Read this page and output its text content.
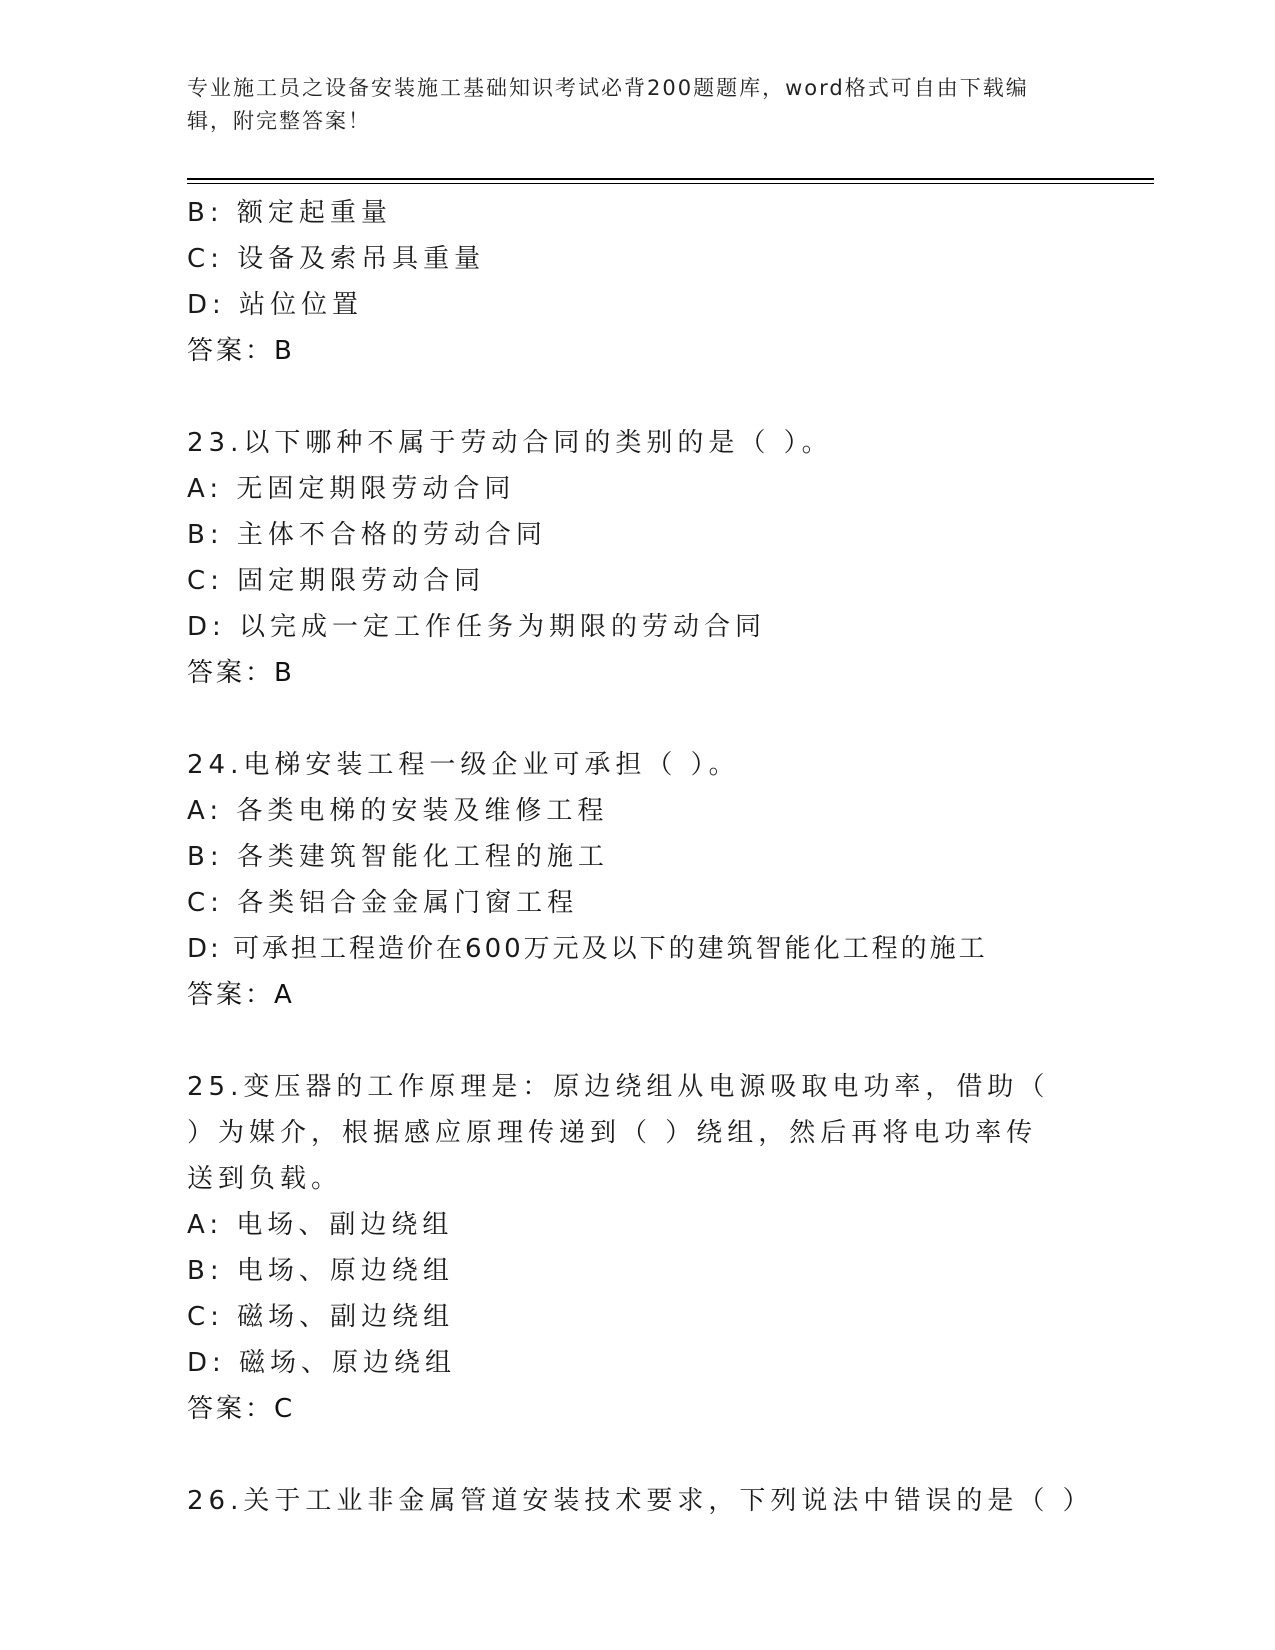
专业施工员之设备安装施工基础知识考试必背200题题库，word格式可自由下载编辑，附完整答案！
B: 额定起重量
C: 设备及索吊具重量
D: 站位位置
答案：B
23.以下哪种不属于劳动合同的类别的是（ ）。
A: 无固定期限劳动合同
B: 主体不合格的劳动合同
C: 固定期限劳动合同
D: 以完成一定工作任务为期限的劳动合同
答案：B
24.电梯安装工程一级企业可承担（ ）。
A: 各类电梯的安装及维修工程
B: 各类建筑智能化工程的施工
C: 各类铝合金金属门窗工程
D: 可承担工程造价在600万元及以下的建筑智能化工程的施工
答案：A
25.变压器的工作原理是：原边绕组从电源吸取电功率，借助（ ）为媒介，根据感应原理传递到（ ）绕组，然后再将电功率传送到负载。
A: 电场、副边绕组
B: 电场、原边绕组
C: 磁场、副边绕组
D: 磁场、原边绕组
答案：C
26.关于工业非金属管道安装技术要求，下列说法中错误的是（ ）
